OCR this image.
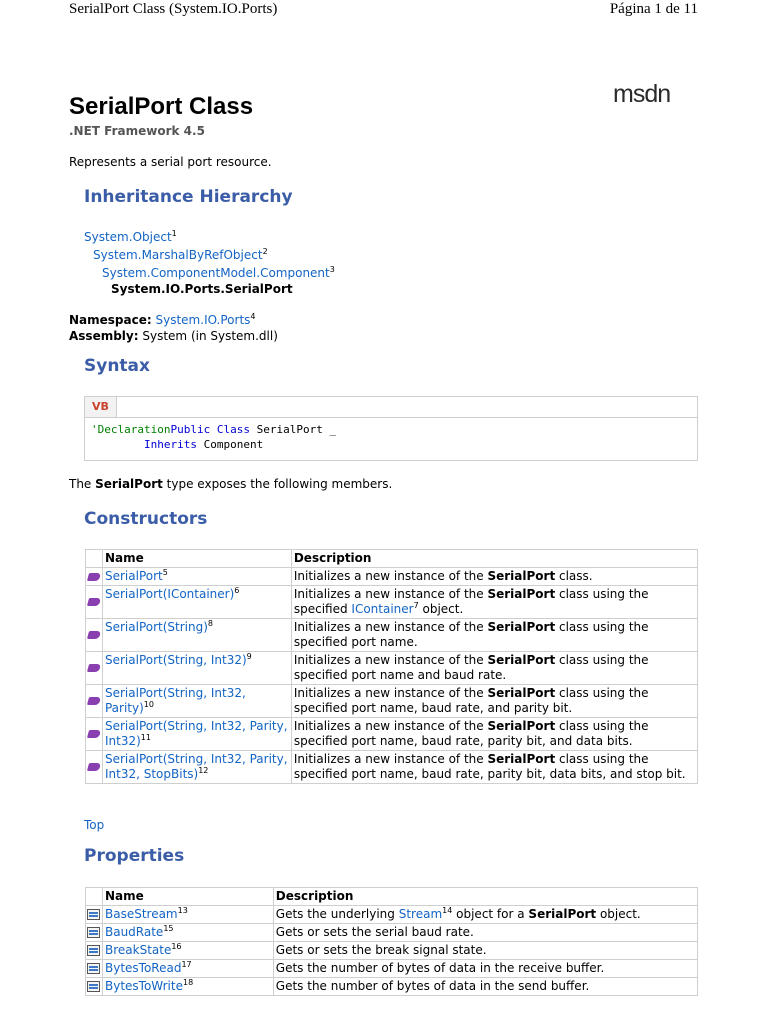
SerialPort Class (System.IO.Ports)	Página 1 de 11
msdn
SerialPort Class
.NET Framework 4.5
Represents a serial port resource.
Inheritance Hierarchy
System.Object$^1$
System.MarshalByRefObject$^2$
System.ComponentModel.Component$^3$
System.IO.Ports.SerialPort
Namespace: System.IO.Ports$^4$
Assembly: System (in System.dll)
Syntax
VB
'DeclarationPublic Class SerialPort _
Inherits Component
The SerialPort type exposes the following members.
Constructors
	Name	Description
	SerialPort$^5$	Initializes a new instance of the SerialPort class.
	SerialPort(IContainer)$^6$	Initializes a new instance of the SerialPort class using the specified IContainer$^7$ object.
	SerialPort(String)$^8$	Initializes a new instance of the SerialPort class using the specified port name.
	SerialPort(String, Int32)$^9$	Initializes a new instance of the SerialPort class using the specified port name and baud rate.
	SerialPort(String, Int32, Parity)$^{10}$	Initializes a new instance of the SerialPort class using the specified port name, baud rate, and parity bit.
	SerialPort(String, Int32, Parity, Int32)$^{11}$	Initializes a new instance of the SerialPort class using the specified port name, baud rate, parity bit, and data bits.
	SerialPort(String, Int32, Parity, Int32, StopBits)$^{12}$	Initializes a new instance of the SerialPort class using the specified port name, baud rate, parity bit, data bits, and stop bit.
Top
Properties
	Name	Description
	BaseStream$^{13}$	Gets the underlying Stream$^{14}$ object for a SerialPort object.
	BaudRate$^{15}$	Gets or sets the serial baud rate.
	BreakState$^{16}$	Gets or sets the break signal state.
	BytesToRead$^{17}$	Gets the number of bytes of data in the receive buffer.
	BytesToWrite$^{18}$	Gets the number of bytes of data in the send buffer.
